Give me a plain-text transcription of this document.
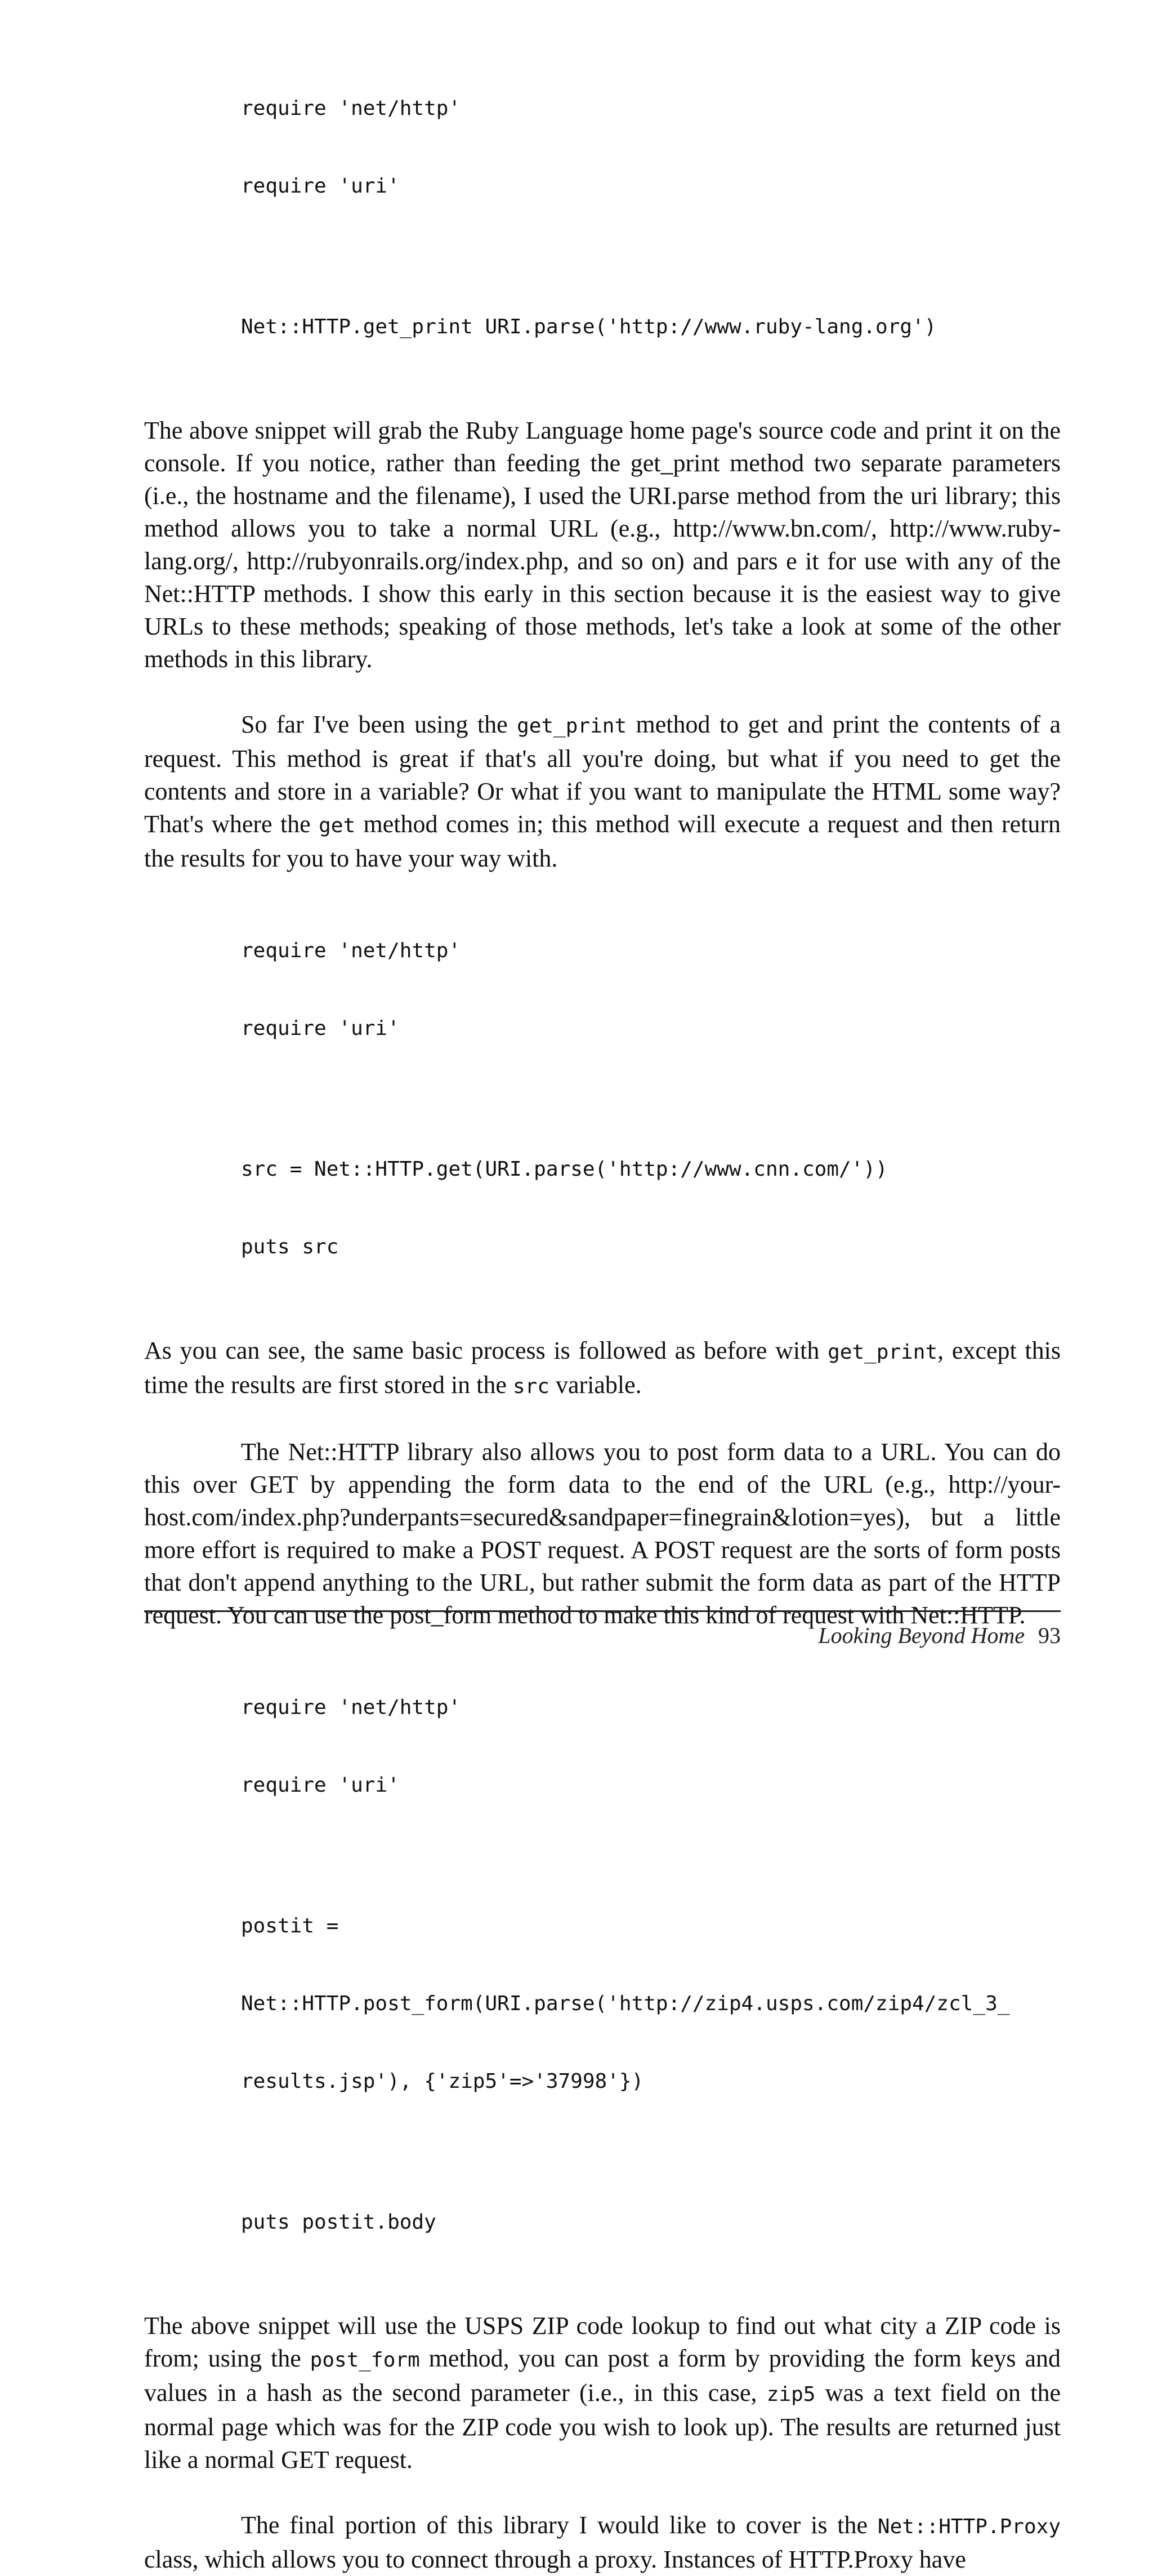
require 'net/http'

require 'uri'

Net::HTTP.get_print URI.parse('http://www.ruby-lang.org')

The above snippet will grab the Ruby Language home page's source code and print it on the console. If you notice, rather than feeding the get_print method two separate parameters (i.e., the hostname and the filename), I used the URI.parse method from the uri library; this method allows you to take a normal URL (e.g., http://www.bn.com/, http://www.ruby-lang.org/, http://rubyonrails.org/index.php, and so on) and pars e it for use with any of the Net::HTTP methods. I show this early in this section because it is the easiest way to give URLs to these methods; speaking of those methods, let's take a look at some of the other methods in this library.

So far I've been using the get_print method to get and print the contents of a request. This method is great if that's all you're doing, but what if you need to get the contents and store in a variable? Or what if you want to manipulate the HTML some way? That's where the get method comes in; this method will execute a request and then return the results for you to have your way with.

require 'net/http'

require 'uri'

src = Net::HTTP.get(URI.parse('http://www.cnn.com/'))

puts src

As you can see, the same basic process is followed as before with get_print, except this time the results are first stored in the src variable.

The Net::HTTP library also allows you to post form data to a URL. You can do this over GET by appending the form data to the end of the URL (e.g., http://your-host.com/index.php?underpants=secured&sandpaper=finegrain&lotion=yes), but a little more effort is required to make a POST request. A POST request are the sorts of form posts that don't append anything to the URL, but rather submit the form data as part of the HTTP request. You can use the post_form method to make this kind of request with Net::HTTP.

require 'net/http'

require 'uri'

postit =

Net::HTTP.post_form(URI.parse('http://zip4.usps.com/zip4/zcl_3_

results.jsp'), {'zip5'=>'37998'})

puts postit.body

The above snippet will use the USPS ZIP code lookup to find out what city a ZIP code is from; using the post_form method, you can post a form by providing the form keys and values in a hash as the second parameter (i.e., in this case, zip5 was a text field on the normal page which was for the ZIP code you wish to look up). The results are returned just like a normal GET request.

The final portion of this library I would like to cover is the Net::HTTP.Proxy class, which allows you to connect through a proxy. Instances of HTTP.Proxy have

Looking Beyond Home 93
